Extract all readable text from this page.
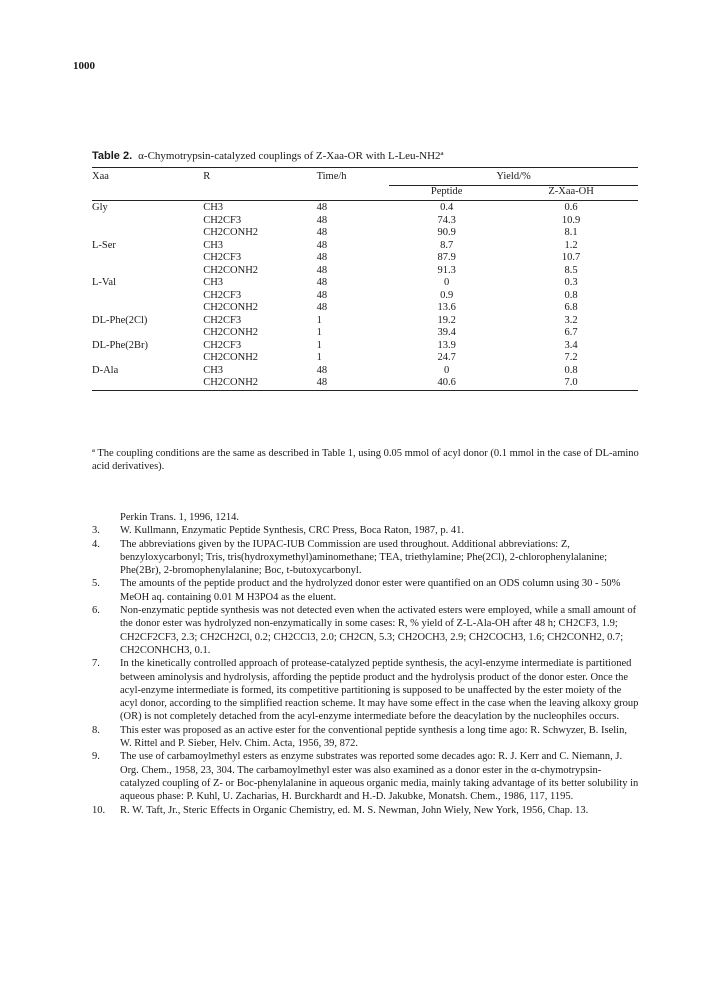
1000
Table 2. α-Chymotrypsin-catalyzed couplings of Z-Xaa-OR with L-Leu-NH2ª
Xaa	R	Time/h	Yield/%	
			Peptide	Z-Xaa-OH
Gly	CH3	48	0.4	0.6
	CH2CF3	48	74.3	10.9
	CH2CONH2	48	90.9	8.1
L-Ser	CH3	48	8.7	1.2
	CH2CF3	48	87.9	10.7
	CH2CONH2	48	91.3	8.5
L-Val	CH3	48	0	0.3
	CH2CF3	48	0.9	0.8
	CH2CONH2	48	13.6	6.8
DL-Phe(2Cl)	CH2CF3	1	19.2	3.2
	CH2CONH2	1	39.4	6.7
DL-Phe(2Br)	CH2CF3	1	13.9	3.4
	CH2CONH2	1	24.7	7.2
D-Ala	CH3	48	0	0.8
	CH2CONH2	48	40.6	7.0
ª The coupling conditions are the same as described in Table 1, using 0.05 mmol of acyl donor (0.1 mmol in the case of DL-amino acid derivatives).
Perkin Trans. 1, 1996, 1214.
3. W. Kullmann, Enzymatic Peptide Synthesis, CRC Press, Boca Raton, 1987, p. 41.
4. The abbreviations given by the IUPAC-IUB Commission are used throughout. Additional abbreviations: Z, benzyloxycarbonyl; Tris, tris(hydroxymethyl)aminomethane; TEA, triethylamine; Phe(2Cl), 2-chlorophenylalanine; Phe(2Br), 2-bromophenylalanine; Boc, t-butoxycarbonyl.
5. The amounts of the peptide product and the hydrolyzed donor ester were quantified on an ODS column using 30 - 50% MeOH aq. containing 0.01 M H3PO4 as the eluent.
6. Non-enzymatic peptide synthesis was not detected even when the activated esters were employed, while a small amount of the donor ester was hydrolyzed non-enzymatically in some cases: R, % yield of Z-L-Ala-OH after 48 h; CH2CF3, 1.9; CH2CF2CF3, 2.3; CH2CH2Cl, 0.2; CH2CCl3, 2.0; CH2CN, 5.3; CH2OCH3, 2.9; CH2COCH3, 1.6; CH2CONH2, 0.7; CH2CONHCH3, 0.1.
7. In the kinetically controlled approach of protease-catalyzed peptide synthesis, the acyl-enzyme intermediate is partitioned between aminolysis and hydrolysis, affording the peptide product and the hydrolysis product of the donor ester. Once the acyl-enzyme intermediate is formed, its competitive partitioning is supposed to be unaffected by the ester moiety of the acyl donor, according to the simplified reaction scheme. It may have some effect in the case when the leaving alkoxy group (OR) is not completely detached from the acyl-enzyme intermediate before the deacylation by the nucleophiles occurs.
8. This ester was proposed as an active ester for the conventional peptide synthesis a long time ago: R. Schwyzer, B. Iselin, W. Rittel and P. Sieber, Helv. Chim. Acta, 1956, 39, 872.
9. The use of carbamoylmethyl esters as enzyme substrates was reported some decades ago: R. J. Kerr and C. Niemann, J. Org. Chem., 1958, 23, 304. The carbamoylmethyl ester was also examined as a donor ester in the α-chymotrypsin-catalyzed coupling of Z- or Boc-phenylalanine in aqueous organic media, mainly taking advantage of its better solubility in aqueous phase: P. Kuhl, U. Zacharias, H. Burckhardt and H.-D. Jakubke, Monatsh. Chem., 1986, 117, 1195.
10. R. W. Taft, Jr., Steric Effects in Organic Chemistry, ed. M. S. Newman, John Wiely, New York, 1956, Chap. 13.
